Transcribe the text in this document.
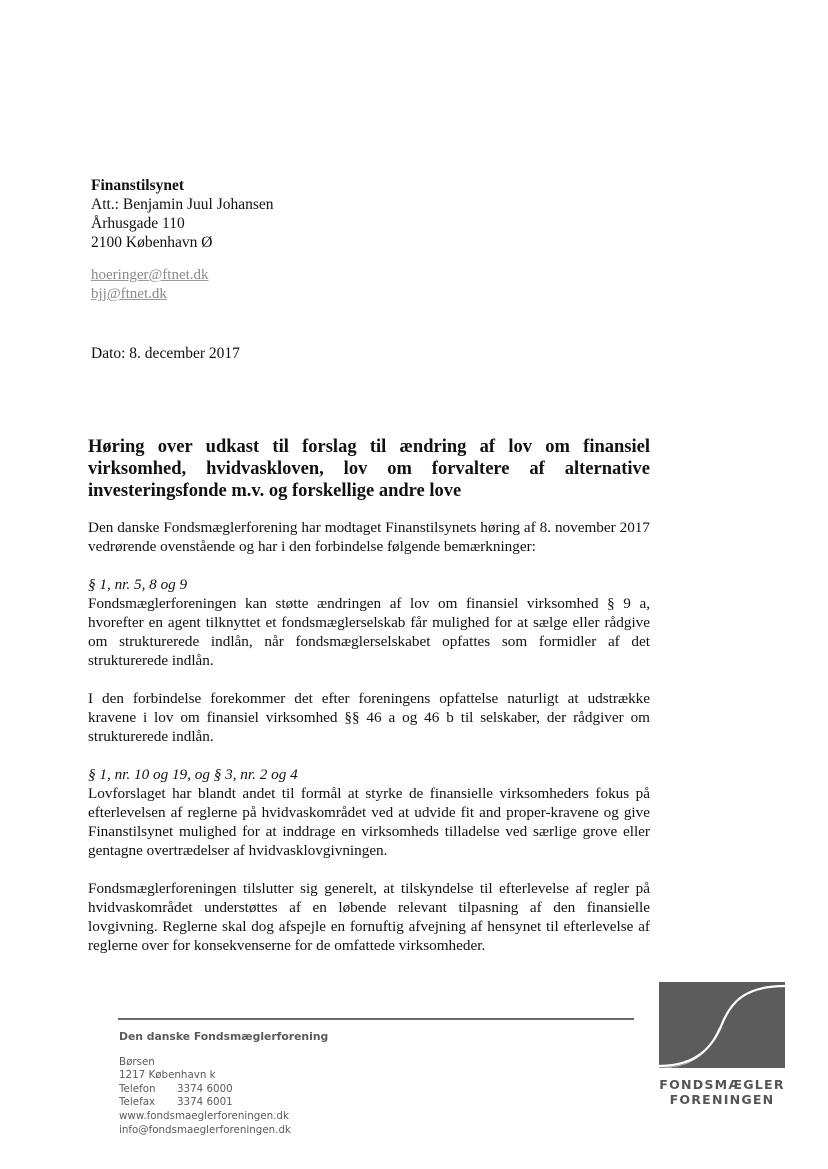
Finanstilsynet
Att.: Benjamin Juul Johansen
Århusgade 110
2100 København Ø
hoeringer@ftnet.dk
bjj@ftnet.dk
Dato: 8. december 2017
Høring over udkast til forslag til ændring af lov om finansiel
virksomhed, hvidvaskloven, lov om forvaltere af alternative
investeringsfonde m.v. og forskellige andre love

Den danske Fondsmæglerforening har modtaget Finanstilsynets høring af 8. november 2017 vedrørende ovenstående og har i den forbindelse følgende bemærkninger:

§ 1, nr. 5, 8 og 9

Fondsmæglerforeningen kan støtte ændringen af lov om finansiel virksomhed § 9 a, hvorefter en agent tilknyttet et fondsmæglerselskab får mulighed for at sælge eller rådgive om strukturerede indlån, når fondsmæglerselskabet opfattes som formidler af det strukturerede indlån.

I den forbindelse forekommer det efter foreningens opfattelse naturligt at udstrække kravene i lov om finansiel virksomhed §§ 46 a og 46 b til selskaber, der rådgiver om strukturerede indlån.

§ 1, nr. 10 og 19, og § 3, nr. 2 og 4

Lovforslaget har blandt andet til formål at styrke de finansielle virksomheders fokus på efterlevelsen af reglerne på hvidvaskområdet ved at udvide fit and proper-kravene og give Finanstilsynet mulighed for at inddrage en virksomheds tilladelse ved særlige grove eller gentagne overtrædelser af hvidvasklovgivningen.

Fondsmæglerforeningen tilslutter sig generelt, at tilskyndelse til efterlevelse af regler på hvidvaskområdet understøttes af en løbende relevant tilpasning af den finansielle lovgivning. Reglerne skal dog afspejle en fornuftig afvejning af hensynet til efterlevelse af reglerne over for konsekvenserne for de omfattede virksomheder.

Den danske Fondsmæglerforening
Børsen
1217 København k
Telefon 3374 6000
Telefax 3374 6001
www.fondsmaeglerforeningen.dk
info@fondsmaeglerforeningen.dk
FONDSMÆGLER
FORENINGEN
